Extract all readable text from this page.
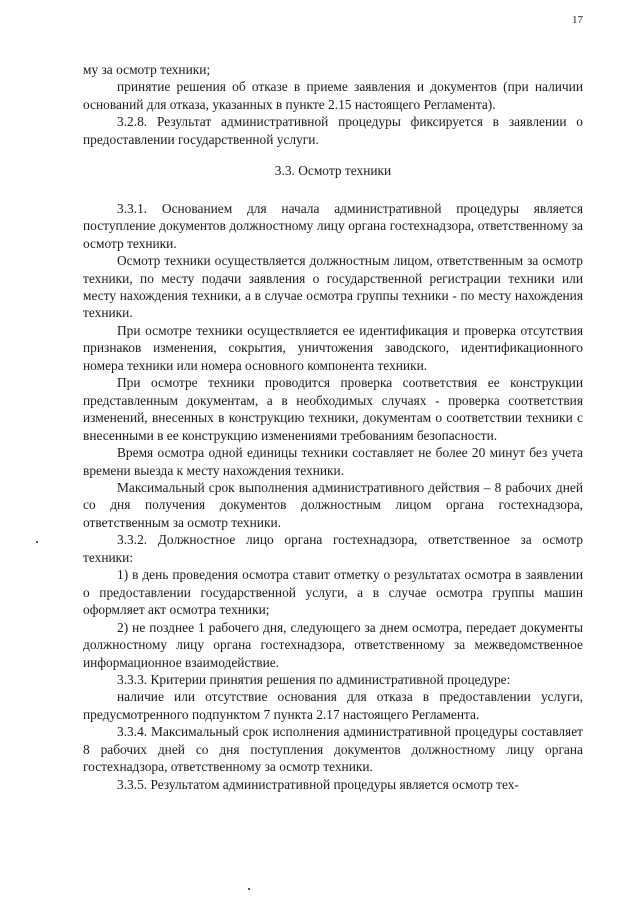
17

му за осмотр техники;

принятие решения об отказе в приеме заявления и документов (при наличии оснований для отказа, указанных в пункте 2.15 настоящего Регламента).

3.2.8. Результат административной процедуры фиксируется в заявлении о предоставлении государственной услуги.

3.3. Осмотр техники

3.3.1. Основанием для начала административной процедуры является поступление документов должностному лицу органа гостехнадзора, ответственному за осмотр техники.

Осмотр техники осуществляется должностным лицом, ответственным за осмотр техники, по месту подачи заявления о государственной регистрации техники или месту нахождения техники, а в случае осмотра группы техники - по месту нахождения техники.

При осмотре техники осуществляется ее идентификация и проверка отсутствия признаков изменения, сокрытия, уничтожения заводского, идентификационного номера техники или номера основного компонента техники.

При осмотре техники проводится проверка соответствия ее конструкции представленным документам, а в необходимых случаях - проверка соответствия изменений, внесенных в конструкцию техники, документам о соответствии техники с внесенными в ее конструкцию изменениями требованиям безопасности.

Время осмотра одной единицы техники составляет не более 20 минут без учета времени выезда к месту нахождения техники.

Максимальный срок выполнения административного действия – 8 рабочих дней со дня получения документов должностным лицом органа гостехнадзора, ответственным за осмотр техники.

3.3.2. Должностное лицо органа гостехнадзора, ответственное за осмотр техники:

1) в день проведения осмотра ставит отметку о результатах осмотра в заявлении о предоставлении государственной услуги, а в случае осмотра группы машин оформляет акт осмотра техники;

2) не позднее 1 рабочего дня, следующего за днем осмотра, передает документы должностному лицу органа гостехнадзора, ответственному за межведомственное информационное взаимодействие.

3.3.3. Критерии принятия решения по административной процедуре:

наличие или отсутствие основания для отказа в предоставлении услуги, предусмотренного подпунктом 7 пункта 2.17 настоящего Регламента.

3.3.4. Максимальный срок исполнения административной процедуры составляет 8 рабочих дней со дня поступления документов должностному лицу органа гостехнадзора, ответственному за осмотр техники.

3.3.5. Результатом административной процедуры является осмотр тех-
